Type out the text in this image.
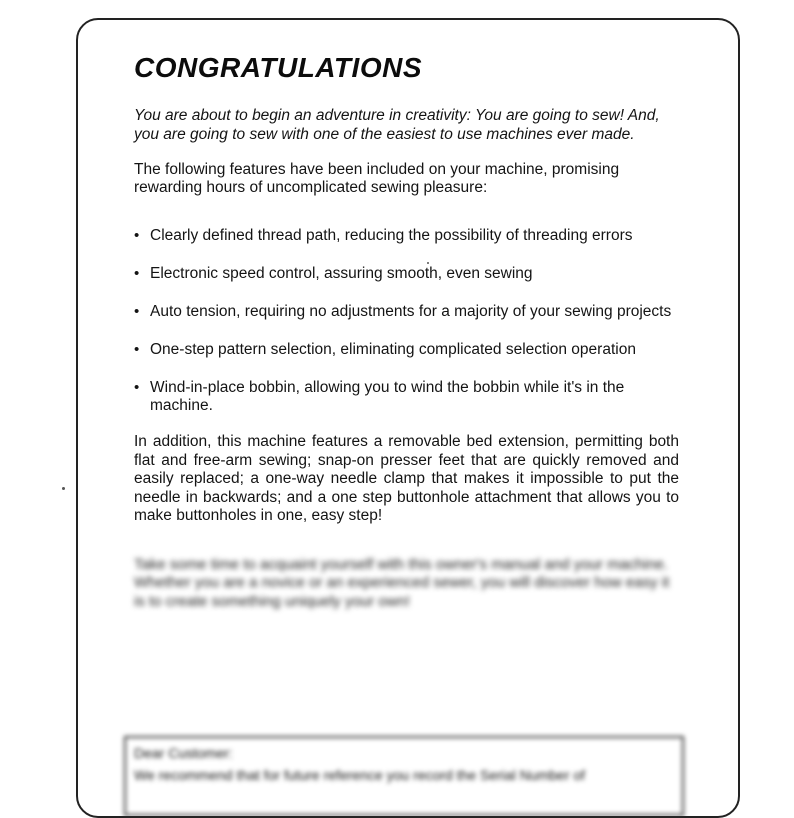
CONGRATULATIONS

You are about to begin an adventure in creativity: You are going to sew! And, you are going to sew with one of the easiest to use machines ever made.

The following features have been included on your machine, promising rewarding hours of uncomplicated sewing pleasure:

• Clearly defined thread path, reducing the possibility of threading errors
• Electronic speed control, assuring smooth, even sewing
• Auto tension, requiring no adjustments for a majority of your sewing projects
• One-step pattern selection, eliminating complicated selection operation
• Wind-in-place bobbin, allowing you to wind the bobbin while it's in the machine.

In addition, this machine features a removable bed extension, permitting both flat and free-arm sewing; snap-on presser feet that are quickly removed and easily replaced; a one-way needle clamp that makes it impossible to put the needle in backwards; and a one step buttonhole attachment that allows you to make buttonholes in one, easy step!

Take some time to acquaint yourself with this owner's manual and your machine. Whether you are a novice or an experienced sewer, you will discover how easy it is to create something uniquely your own!

Dear Customer:
We recommend that for future reference you record the Serial Number of
